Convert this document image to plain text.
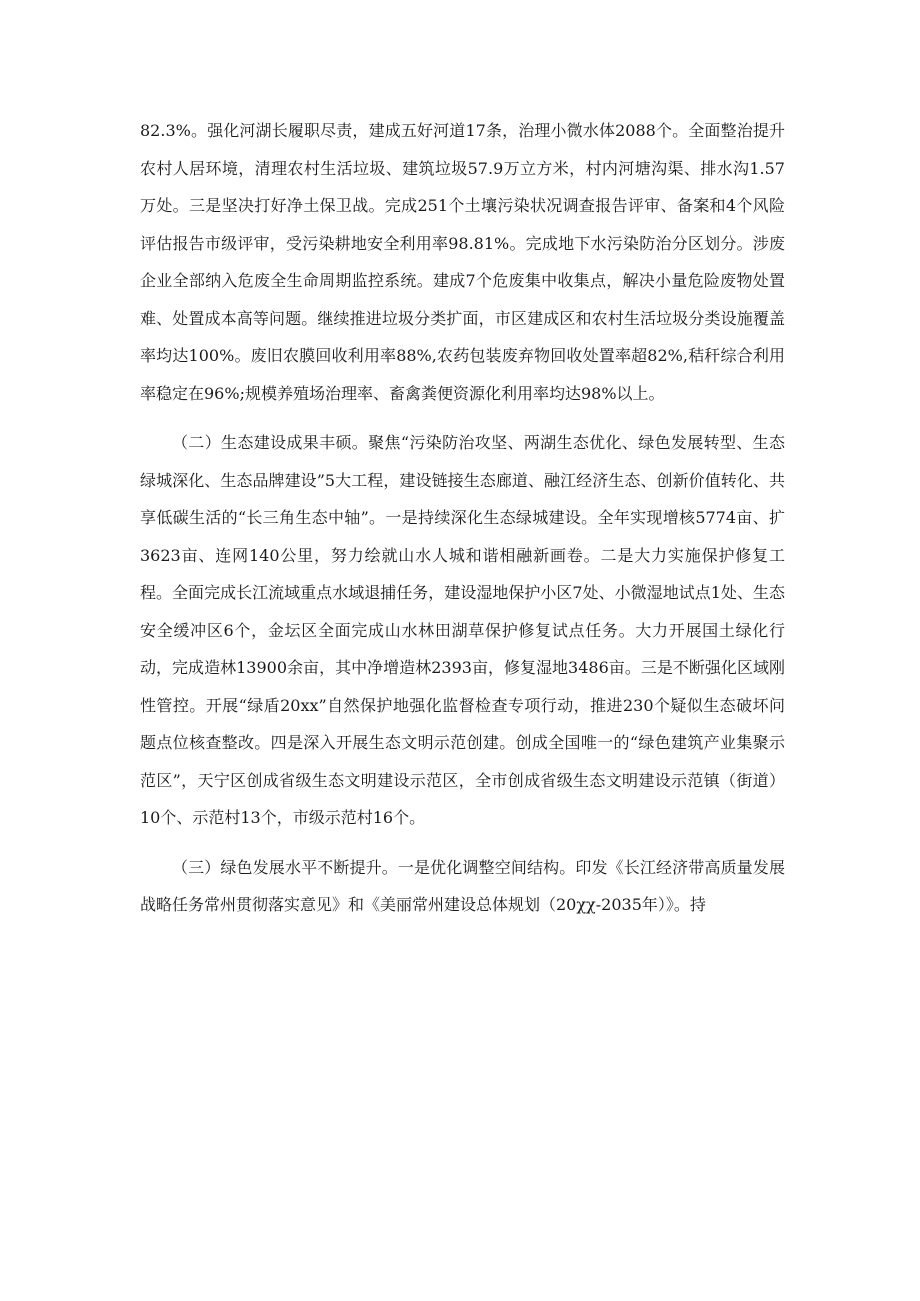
82.3%。强化河湖长履职尽责，建成五好河道17条，治理小微水体2088个。全面整治提升农村人居环境，清理农村生活垃圾、建筑垃圾57.9万立方米，村内河塘沟渠、排水沟1.57万处。三是坚决打好净土保卫战。完成251个土壤污染状况调查报告评审、备案和4个风险评估报告市级评审，受污染耕地安全利用率98.81%。完成地下水污染防治分区划分。涉废企业全部纳入危废全生命周期监控系统。建成7个危废集中收集点，解决小量危险废物处置难、处置成本高等问题。继续推进垃圾分类扩面，市区建成区和农村生活垃圾分类设施覆盖率均达100%。废旧农膜回收利用率88%,农药包装废弃物回收处置率超82%,秸秆综合利用率稳定在96%;规模养殖场治理率、畜禽粪便资源化利用率均达98%以上。

（二）生态建设成果丰硕。聚焦“污染防治攻坚、两湖生态优化、绿色发展转型、生态绿城深化、生态品牌建设”5大工程，建设链接生态廊道、融江经济生态、创新价值转化、共享低碳生活的“长三角生态中轴”。一是持续深化生态绿城建设。全年实现增核5774亩、扩3623亩、连网140公里，努力绘就山水人城和谐相融新画卷。二是大力实施保护修复工程。全面完成长江流域重点水域退捕任务，建设湿地保护小区7处、小微湿地试点1处、生态安全缓冲区6个，金坛区全面完成山水林田湖草保护修复试点任务。大力开展国土绿化行动，完成造林13900余亩，其中净增造林2393亩，修复湿地3486亩。三是不断强化区域刚性管控。开展“绿盾20xx”自然保护地强化监督检查专项行动，推进230个疑似生态破坏问题点位核查整改。四是深入开展生态文明示范创建。创成全国唯一的“绿色建筑产业集聚示范区”，天宁区创成省级生态文明建设示范区，全市创成省级生态文明建设示范镇（街道）10个、示范村13个，市级示范村16个。

（三）绿色发展水平不断提升。一是优化调整空间结构。印发《长江经济带高质量发展战略任务常州贯彻落实意见》和《美丽常州建设总体规划（20χχ-2035年）》。持
